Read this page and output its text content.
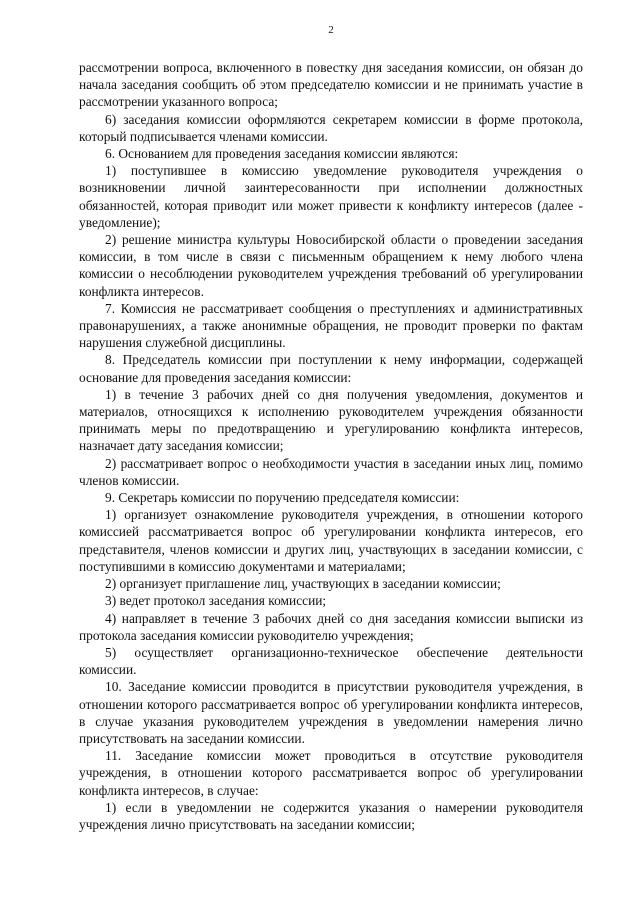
2

рассмотрении вопроса, включенного в повестку дня заседания комиссии, он обязан до начала заседания сообщить об этом председателю комиссии и не принимать участие в рассмотрении указанного вопроса;

6) заседания комиссии оформляются секретарем комиссии в форме протокола, который подписывается членами комиссии.

6. Основанием для проведения заседания комиссии являются:

1) поступившее в комиссию уведомление руководителя учреждения о возникновении личной заинтересованности при исполнении должностных обязанностей, которая приводит или может привести к конфликту интересов (далее - уведомление);

2) решение министра культуры Новосибирской области о проведении заседания комиссии, в том числе в связи с письменным обращением к нему любого члена комиссии о несоблюдении руководителем учреждения требований об урегулировании конфликта интересов.

7. Комиссия не рассматривает сообщения о преступлениях и административных правонарушениях, а также анонимные обращения, не проводит проверки по фактам нарушения служебной дисциплины.

8. Председатель комиссии при поступлении к нему информации, содержащей основание для проведения заседания комиссии:

1) в течение 3 рабочих дней со дня получения уведомления, документов и материалов, относящихся к исполнению руководителем учреждения обязанности принимать меры по предотвращению и урегулированию конфликта интересов, назначает дату заседания комиссии;

2) рассматривает вопрос о необходимости участия в заседании иных лиц, помимо членов комиссии.

9. Секретарь комиссии по поручению председателя комиссии:

1) организует ознакомление руководителя учреждения, в отношении которого комиссией рассматривается вопрос об урегулировании конфликта интересов, его представителя, членов комиссии и других лиц, участвующих в заседании комиссии, с поступившими в комиссию документами и материалами;

2) организует приглашение лиц, участвующих в заседании комиссии;

3) ведет протокол заседания комиссии;

4) направляет в течение 3 рабочих дней со дня заседания комиссии выписки из протокола заседания комиссии руководителю учреждения;

5) осуществляет организационно-техническое обеспечение деятельности комиссии.

10. Заседание комиссии проводится в присутствии руководителя учреждения, в отношении которого рассматривается вопрос об урегулировании конфликта интересов, в случае указания руководителем учреждения в уведомлении намерения лично присутствовать на заседании комиссии.

11. Заседание комиссии может проводиться в отсутствие руководителя учреждения, в отношении которого рассматривается вопрос об урегулировании конфликта интересов, в случае:

1) если в уведомлении не содержится указания о намерении руководителя учреждения лично присутствовать на заседании комиссии;
